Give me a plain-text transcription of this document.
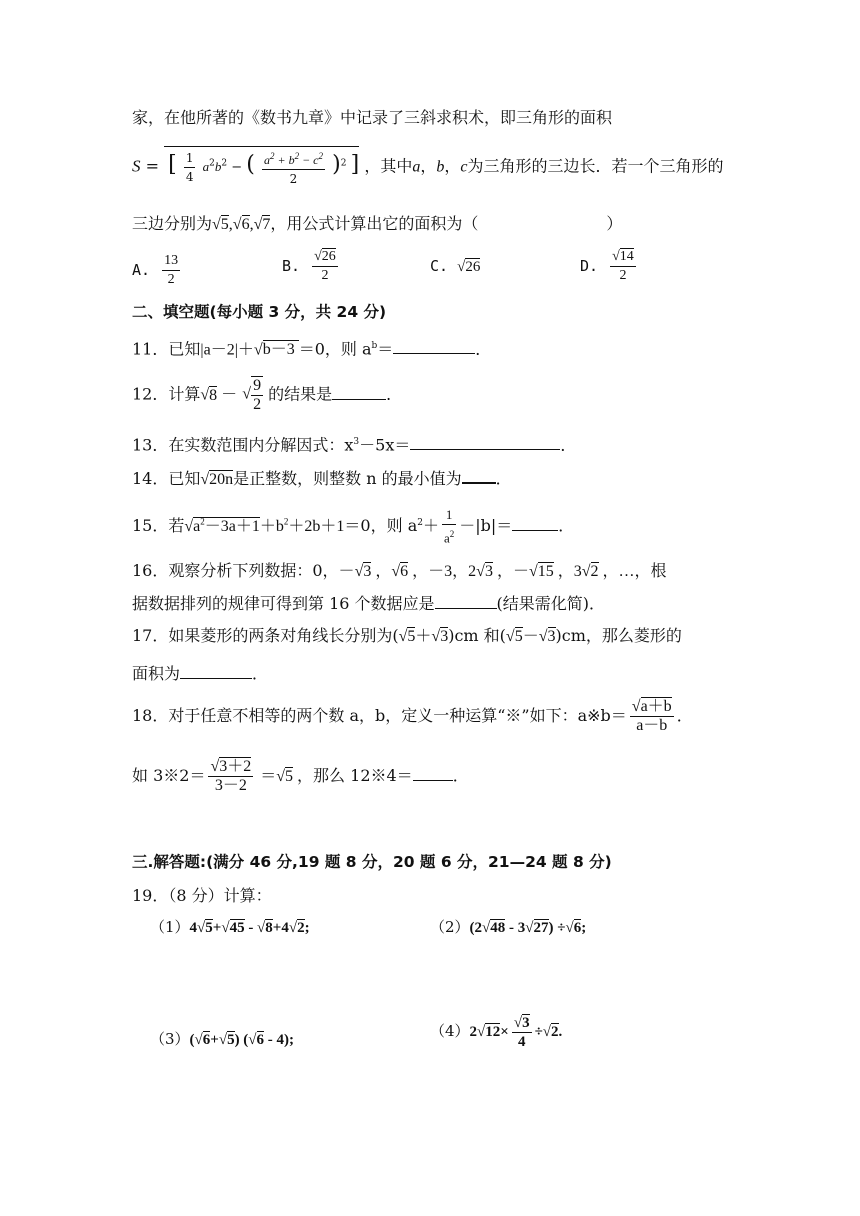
家，在他所著的《数书九章》中记录了三斜求积术，即三角形的面积
S = [ $\frac{1}{4} a^2b^2$ − ( $\frac{a^2 + b^2 - c^2}{2} )^2$ ] ，其中a，b，c为三角形的三边长．若一个三角形的
三边分别为√5,√6,√7，用公式计算出它的面积为（	）
A. $\frac{13}{2}$	B. $\frac{√26}{2}$	C. √26	D. $\frac{√14}{2}$
二、填空题(每小题 3 分，共 24 分)
11．已知|a－2|＋√b－3 ＝0，则 $a^b=$	．
12．计算√8 － √ $\frac{9}{2}$ 的结果是	．
13．在实数范围内分解因式：$x^3-5x=$	．
14．已知√20n是正整数，则整数 n 的最小值为 ．
15．若$√a^2-3a+1+b^2+2b+1=0$，则 $a^2+ \frac{1}{a^2} -|b|=$	．
16．观察分析下列数据：0，－√3 ，√6 ，－3，2√3 ，－√15 ，3√2 ，…，根
据数据排列的规律可得到第 16 个数据应是	(结果需化简)．
17．如果菱形的两条对角线长分别为(√5＋√3)cm 和(√5－√3)cm，那么菱形的
面积为	．
18．对于任意不相等的两个数 a，b，定义一种运算“※”如下：a※b＝ $\frac{√a+b}{a-b}$ ．
如 3※2＝ $\frac{√3+2}{3-2} =√5$ ，那么 12※4＝	．
三.解答题:(满分 46 分,19 题 8 分，20 题 6 分，21—24 题 8 分)
19．（8 分）计算：
（1）4√5+√45 - √8+4√2;	（2）(2√48 - 3√27) ÷√6;
（3）(√6+√5) (√6 - 4);
$(4)2√12\times \frac{√3}{4} \div√2$.
